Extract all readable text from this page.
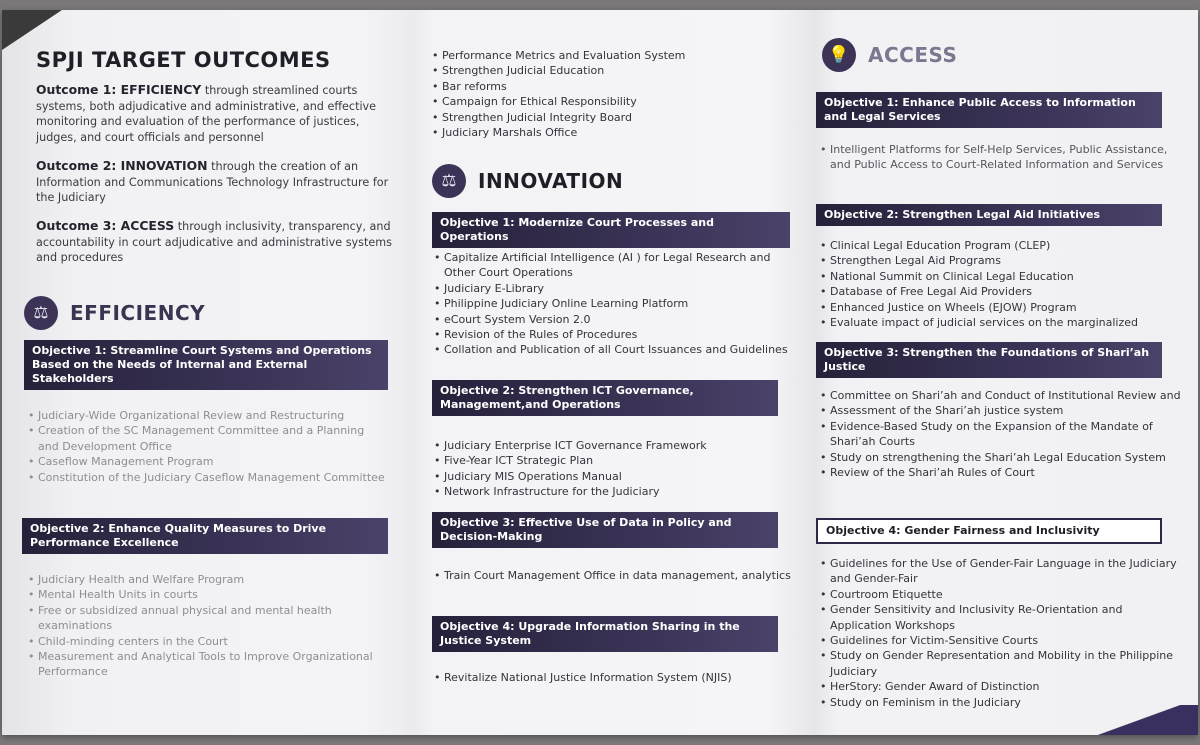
SPJI TARGET OUTCOMES

Outcome 1: EFFICIENCY through streamlined courts systems, both adjudicative and administrative, and effective monitoring and evaluation of the performance of justices, judges, and court officials and personnel

Outcome 2: INNOVATION through the creation of an Information and Communications Technology Infrastructure for the Judiciary

Outcome 3: ACCESS through inclusivity, transparency, and accountability in court adjudicative and administrative systems and procedures

⚖	EFFICIENCY
Objective 1: Streamline Court Systems and Operations Based on the Needs of Internal and External Stakeholders
• Judiciary-Wide Organizational Review and Restructuring
• Creation of the SC Management Committee and a Planning and Development Office
• Caseflow Management Program
• Constitution of the Judiciary Caseflow Management Committee
Objective 2: Enhance Quality Measures to Drive Performance Excellence
• Judiciary Health and Welfare Program
• Mental Health Units in courts
• Free or subsidized annual physical and mental health examinations
• Child-minding centers in the Court
• Measurement and Analytical Tools to Improve Organizational Performance
• Performance Metrics and Evaluation System
• Strengthen Judicial Education
• Bar reforms
• Campaign for Ethical Responsibility
• Strengthen Judicial Integrity Board
• Judiciary Marshals Office
⚖	INNOVATION
Objective 1: Modernize Court Processes and Operations
• Capitalize Artificial Intelligence (AI ) for Legal Research and Other Court Operations
• Judiciary E-Library
• Philippine Judiciary Online Learning Platform
• eCourt System Version 2.0
• Revision of the Rules of Procedures
• Collation and Publication of all Court Issuances and Guidelines
Objective 2: Strengthen ICT Governance, Management,and Operations
• Judiciary Enterprise ICT Governance Framework
• Five-Year ICT Strategic Plan
• Judiciary MIS Operations Manual
• Network Infrastructure for the Judiciary
Objective 3: Effective Use of Data in Policy and Decision-Making
• Train Court Management Office in data management, analytics
Objective 4: Upgrade Information Sharing in the Justice System
• Revitalize National Justice Information System (NJIS)
💡 ACCESS
Objective 1: Enhance Public Access to Information and Legal Services
• Intelligent Platforms for Self-Help Services, Public Assistance, and Public Access to Court-Related Information and Services
Objective 2: Strengthen Legal Aid Initiatives
• Clinical Legal Education Program (CLEP)
• Strengthen Legal Aid Programs
• National Summit on Clinical Legal Education
• Database of Free Legal Aid Providers
• Enhanced Justice on Wheels (EJOW) Program
• Evaluate impact of judicial services on the marginalized
Objective 3: Strengthen the Foundations of Shari’ah Justice
• Committee on Shari’ah and Conduct of Institutional Review and
• Assessment of the Shari’ah justice system
• Evidence-Based Study on the Expansion of the Mandate of Shari’ah Courts
• Study on strengthening the Shari’ah Legal Education System
• Review of the Shari’ah Rules of Court
Objective 4: Gender Fairness and Inclusivity
• Guidelines for the Use of Gender-Fair Language in the Judiciary and Gender-Fair
• Courtroom Etiquette
• Gender Sensitivity and Inclusivity Re-Orientation and Application Workshops
• Guidelines for Victim-Sensitive Courts
• Study on Gender Representation and Mobility in the Philippine Judiciary
• HerStory: Gender Award of Distinction
• Study on Feminism in the Judiciary
